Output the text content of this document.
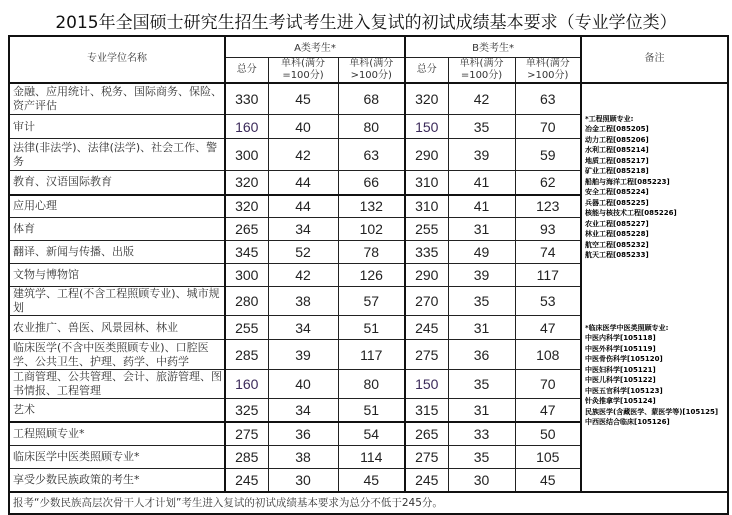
2015年全国硕士研究生招生考试考生进入复试的初试成绩基本要求（专业学位类）
专业学位名称	A类考生*			B类考生*			备注
	总分	单科(满分=100分)	单科(满分>100分)	总分	单科(满分=100分)	单科(满分>100分)	
金融、应用统计、税务、国际商务、保险、资产评估	330	45	68	320	42	63	
*工程照顾专业:
冶金工程[085205]
动力工程[085206]
水利工程[085214]
地质工程[085217]
矿业工程[085218]
船舶与海洋工程[085223]
安全工程[085224]
兵器工程[085225]
核能与核技术工程[085226]
农业工程[085227]
林业工程[085228]
航空工程[085232]
航天工程[085233]
*临床医学中医类照顾专业:
中医内科学[105118]
中医外科学[105119]
中医骨伤科学[105120]
中医妇科学[105121]
中医儿科学[105122]
中医五官科学[105123]
针灸推拿学[105124]
民族医学(含藏医学、蒙医学等)[105125]
中西医结合临床[105126]

审计	160	40	80	150	35	70	
法律(非法学)、法律(法学)、社会工作、警务	300	42	63	290	39	59	
教育、汉语国际教育	320	44	66	310	41	62	
应用心理	320	44	132	310	41	123	
体育	265	34	102	255	31	93	
翻译、新闻与传播、出版	345	52	78	335	49	74	
文物与博物馆	300	42	126	290	39	117	
建筑学、工程(不含工程照顾专业)、城市规划	280	38	57	270	35	53	
农业推广、兽医、风景园林、林业	255	34	51	245	31	47	
临床医学(不含中医类照顾专业)、口腔医学、公共卫生、护理、药学、中药学	285	39	117	275	36	108	
工商管理、公共管理、会计、旅游管理、图书情报、工程管理	160	40	80	150	35	70	
艺术	325	34	51	315	31	47	
工程照顾专业*	275	36	54	265	33	50	
临床医学中医类照顾专业*	285	38	114	275	35	105	
享受少数民族政策的考生*	245	30	45	245	30	45	
报考“少数民族高层次骨干人才计划”考生进入复试的初试成绩基本要求为总分不低于245分。							
